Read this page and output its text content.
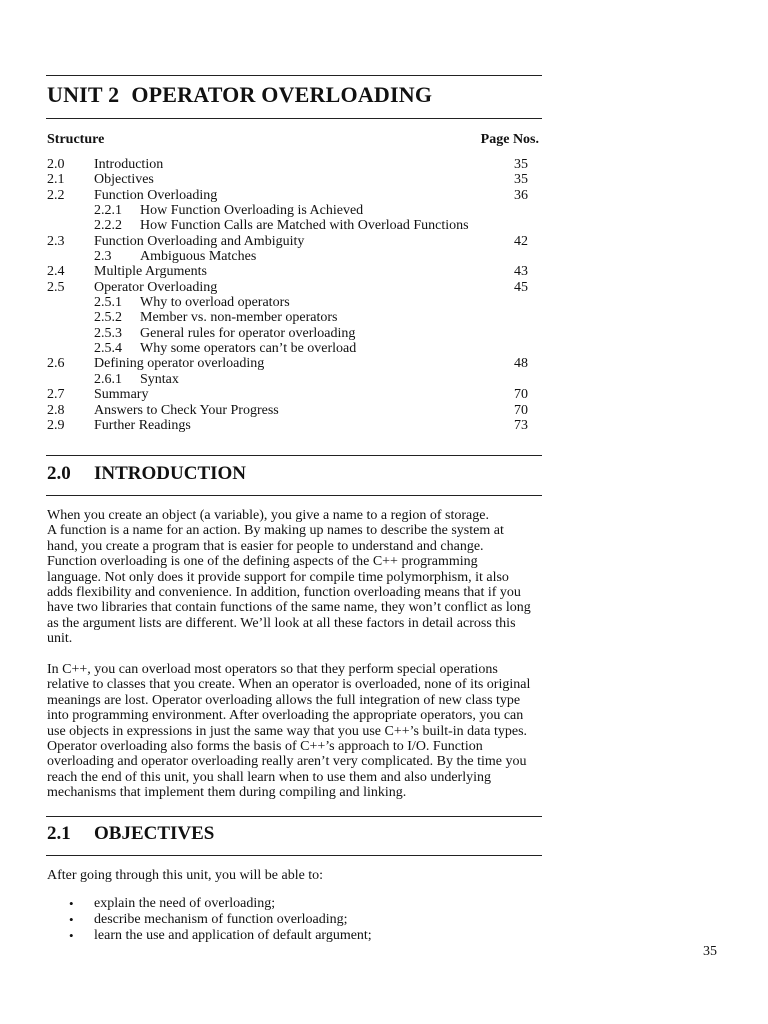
UNIT 2 OPERATOR OVERLOADING
Structure	Page Nos.
2.0 Introduction	35
2.1 Objectives	35
2.2 Function Overloading	36
2.2.1 How Function Overloading is Achieved
2.2.2 How Function Calls are Matched with Overload Functions
2.3 Function Overloading and Ambiguity	42
2.3 Ambiguous Matches
2.4 Multiple Arguments	43
2.5 Operator Overloading	45
2.5.1 Why to overload operators
2.5.2 Member vs. non-member operators
2.5.3 General rules for operator overloading
2.5.4 Why some operators can’t be overload
2.6 Defining operator overloading	48
2.6.1 Syntax
2.7 Summary	70
2.8 Answers to Check Your Progress	70
2.9 Further Readings	73
2.0 INTRODUCTION
When you create an object (a variable), you give a name to a region of storage.
A function is a name for an action. By making up names to describe the system at
hand, you create a program that is easier for people to understand and change.
Function overloading is one of the defining aspects of the C++ programming
language. Not only does it provide support for compile time polymorphism, it also
adds flexibility and convenience. In addition, function overloading means that if you
have two libraries that contain functions of the same name, they won’t conflict as long
as the argument lists are different. We’ll look at all these factors in detail across this
unit.
In C++, you can overload most operators so that they perform special operations
relative to classes that you create. When an operator is overloaded, none of its original
meanings are lost. Operator overloading allows the full integration of new class type
into programming environment. After overloading the appropriate operators, you can
use objects in expressions in just the same way that you use C++’s built-in data types.
Operator overloading also forms the basis of C++’s approach to I/O. Function
overloading and operator overloading really aren’t very complicated. By the time you
reach the end of this unit, you shall learn when to use them and also underlying
mechanisms that implement them during compiling and linking.
2.1 OBJECTIVES
After going through this unit, you will be able to:
• explain the need of overloading;
• describe mechanism of function overloading;
• learn the use and application of default argument;
35
